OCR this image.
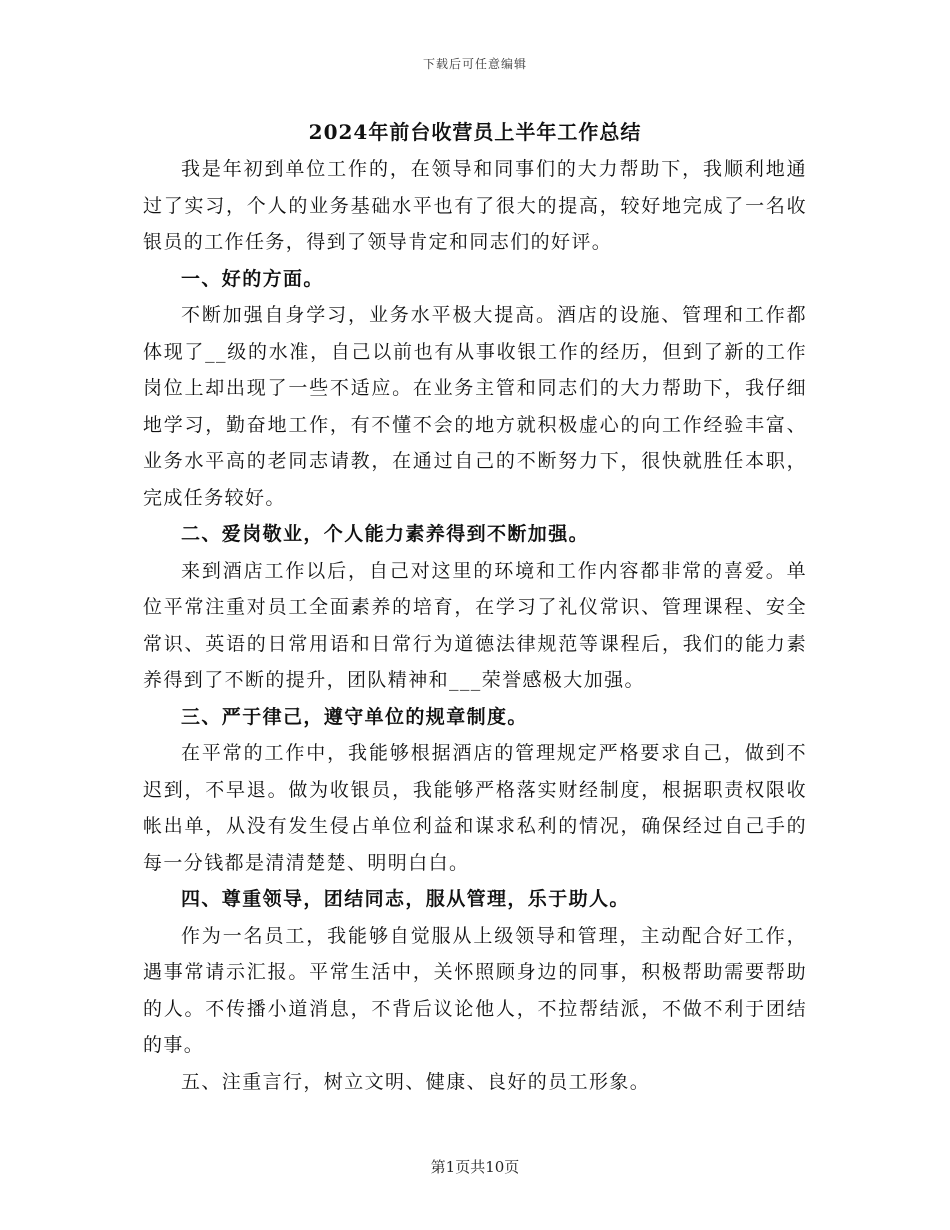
下载后可任意编辑
2024年前台收营员上半年工作总结

我是年初到单位工作的，在领导和同事们的大力帮助下，我顺利地通过了实习，个人的业务基础水平也有了很大的提高，较好地完成了一名收银员的工作任务，得到了领导肯定和同志们的好评。

一、好的方面。

不断加强自身学习，业务水平极大提高。酒店的设施、管理和工作都体现了__级的水准，自己以前也有从事收银工作的经历，但到了新的工作岗位上却出现了一些不适应。在业务主管和同志们的大力帮助下，我仔细地学习，勤奋地工作，有不懂不会的地方就积极虚心的向工作经验丰富、业务水平高的老同志请教，在通过自己的不断努力下，很快就胜任本职，完成任务较好。

二、爱岗敬业，个人能力素养得到不断加强。

来到酒店工作以后，自己对这里的环境和工作内容都非常的喜爱。单位平常注重对员工全面素养的培育，在学习了礼仪常识、管理课程、安全常识、英语的日常用语和日常行为道德法律规范等课程后，我们的能力素养得到了不断的提升，团队精神和___荣誉感极大加强。

三、严于律己，遵守单位的规章制度。

在平常的工作中，我能够根据酒店的管理规定严格要求自己，做到不迟到，不早退。做为收银员，我能够严格落实财经制度，根据职责权限收帐出单，从没有发生侵占单位利益和谋求私利的情况，确保经过自己手的每一分钱都是清清楚楚、明明白白。

四、尊重领导，团结同志，服从管理，乐于助人。

作为一名员工，我能够自觉服从上级领导和管理，主动配合好工作，遇事常请示汇报。平常生活中，关怀照顾身边的同事，积极帮助需要帮助的人。不传播小道消息，不背后议论他人，不拉帮结派，不做不利于团结的事。

五、注重言行，树立文明、健康、良好的员工形象。

第1页共10页
